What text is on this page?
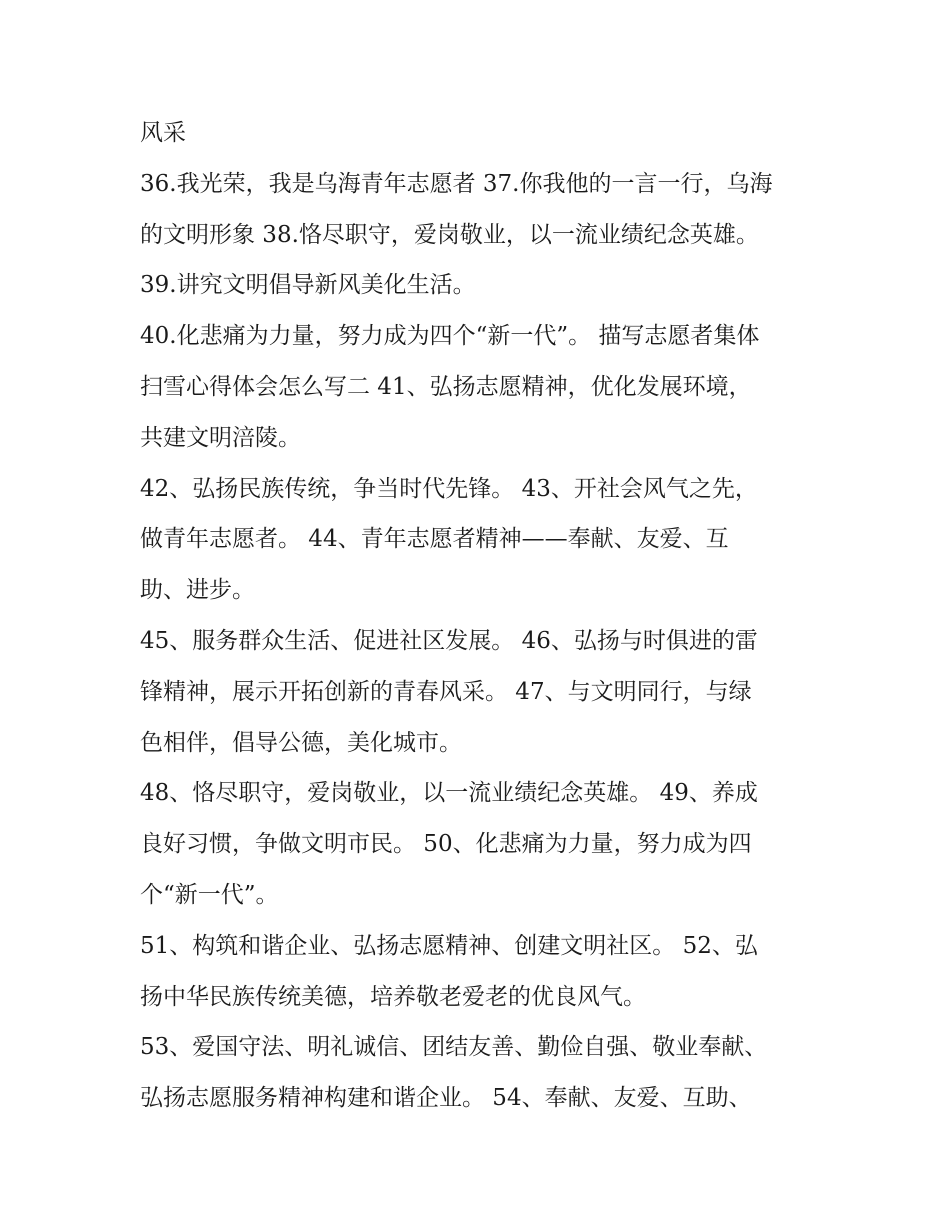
风采
36.我光荣，我是乌海青年志愿者 37.你我他的一言一行，乌海
的文明形象 38.恪尽职守，爱岗敬业，以一流业绩纪念英雄。
39.讲究文明倡导新风美化生活。
40.化悲痛为力量，努力成为四个“新一代”。 描写志愿者集体
扫雪心得体会怎么写二 41、弘扬志愿精神，优化发展环境，
共建文明涪陵。
42、弘扬民族传统，争当时代先锋。 43、开社会风气之先，
做青年志愿者。 44、青年志愿者精神——奉献、友爱、互
助、进步。
45、服务群众生活、促进社区发展。 46、弘扬与时俱进的雷
锋精神，展示开拓创新的青春风采。 47、与文明同行，与绿
色相伴，倡导公德，美化城市。
48、恪尽职守，爱岗敬业，以一流业绩纪念英雄。 49、养成
良好习惯，争做文明市民。 50、化悲痛为力量，努力成为四
个“新一代”。
51、构筑和谐企业、弘扬志愿精神、创建文明社区。 52、弘
扬中华民族传统美德，培养敬老爱老的优良风气。
53、爱国守法、明礼诚信、团结友善、勤俭自强、敬业奉献、
弘扬志愿服务精神构建和谐企业。 54、奉献、友爱、互助、
